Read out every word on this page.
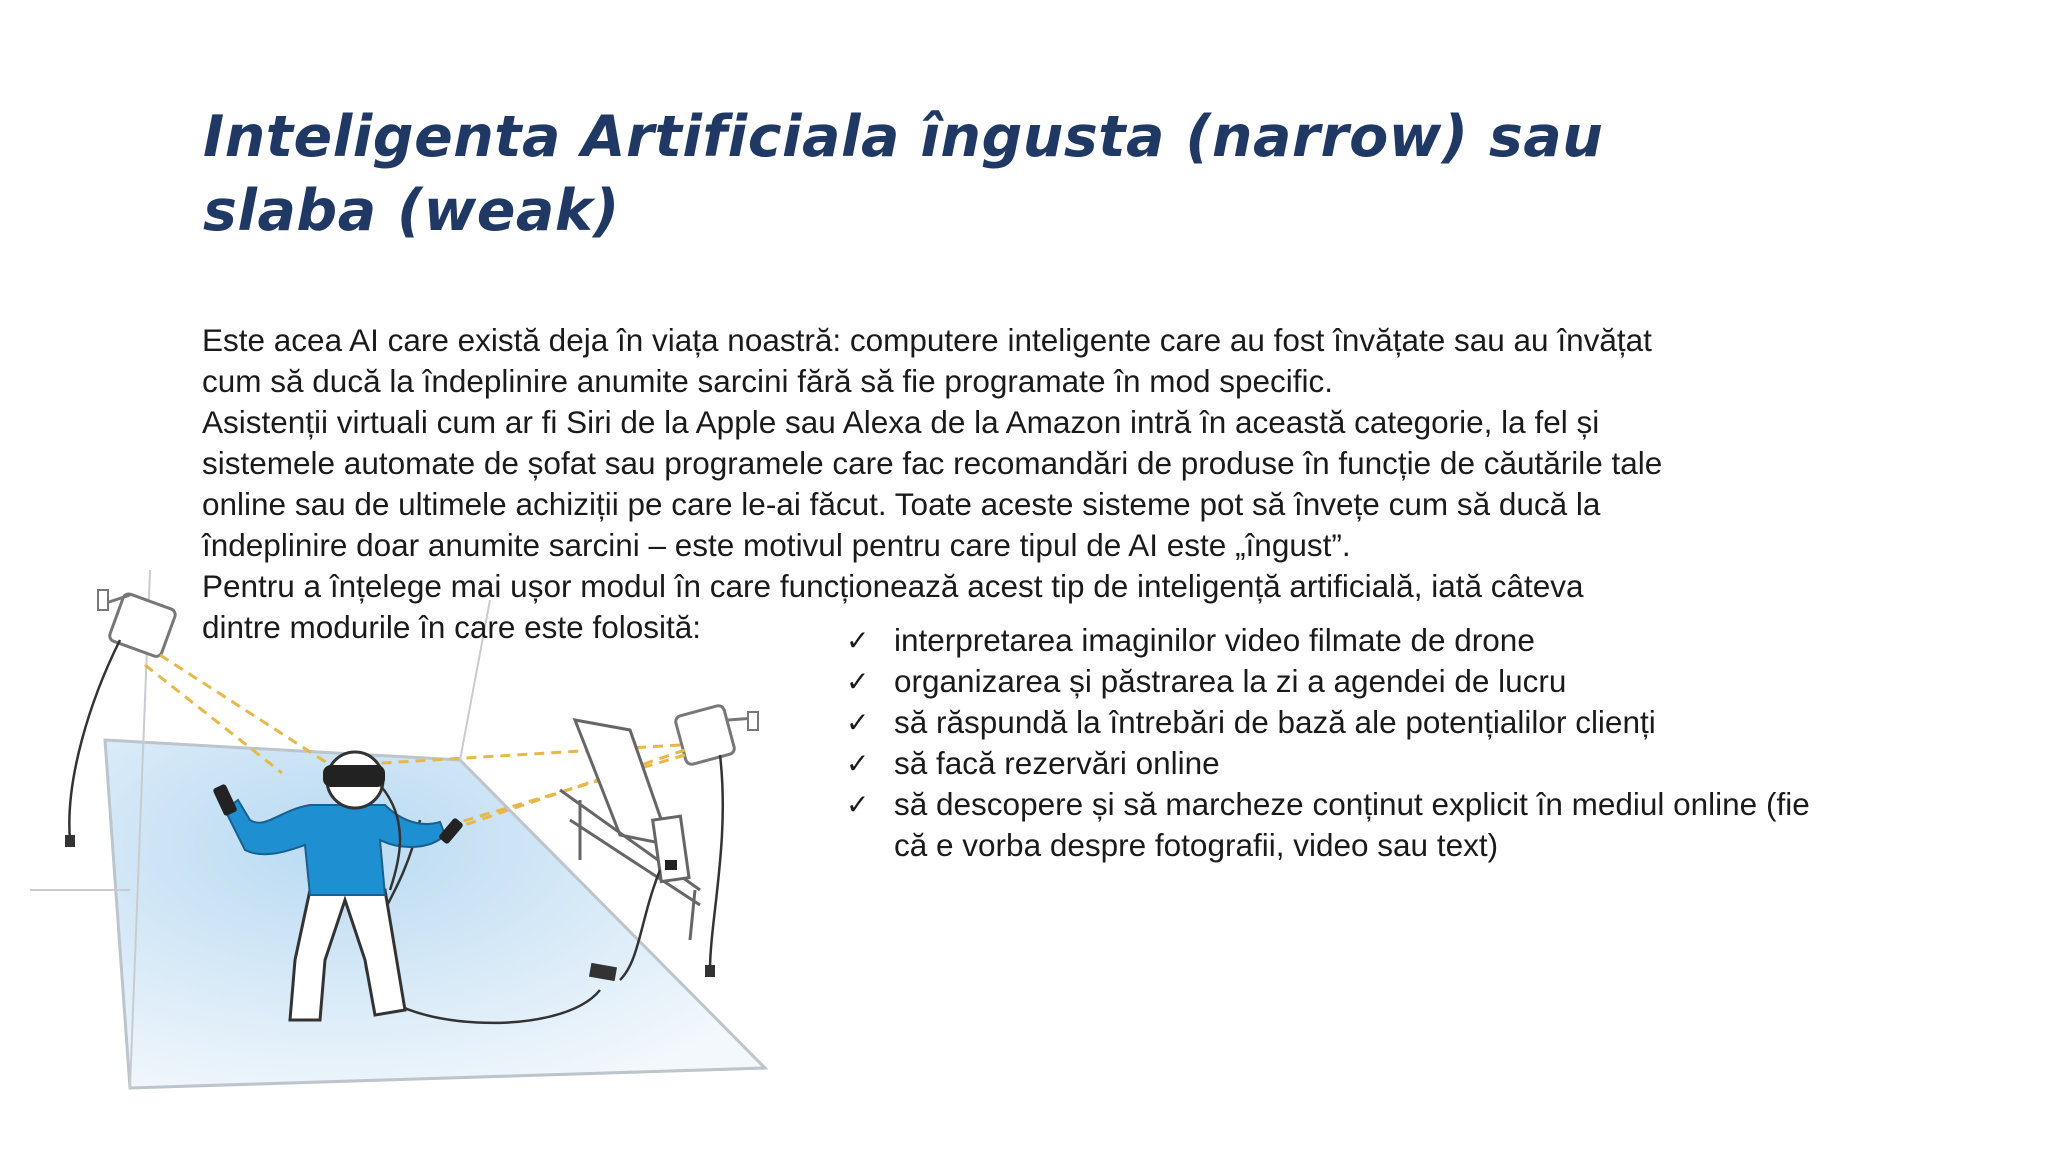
Inteligenta Artificiala îngusta (narrow) sau
slaba (weak)
Este acea AI care există deja în viața noastră: computere inteligente care au fost învățate sau au învățat
cum să ducă la îndeplinire anumite sarcini fără să fie programate în mod specific.
Asistenții virtuali cum ar fi Siri de la Apple sau Alexa de la Amazon intră în această categorie, la fel și
sistemele automate de șofat sau programele care fac recomandări de produse în funcție de căutările tale
online sau de ultimele achiziții pe care le-ai făcut. Toate aceste sisteme pot să învețe cum să ducă la
îndeplinire doar anumite sarcini – este motivul pentru care tipul de AI este „îngust”.
Pentru a înțelege mai ușor modul în care funcționează acest tip de inteligență artificială, iată câteva
dintre modurile în care este folosită:	✓ interpretarea imaginilor video filmate de drone
✓ organizarea și păstrarea la zi a agendei de lucru
✓ să răspundă la întrebări de bază ale potențialilor clienți
✓ să facă rezervări online
✓ să descopere și să marcheze conținut explicit în mediul online (fie
că e vorba despre fotografii, video sau text)
